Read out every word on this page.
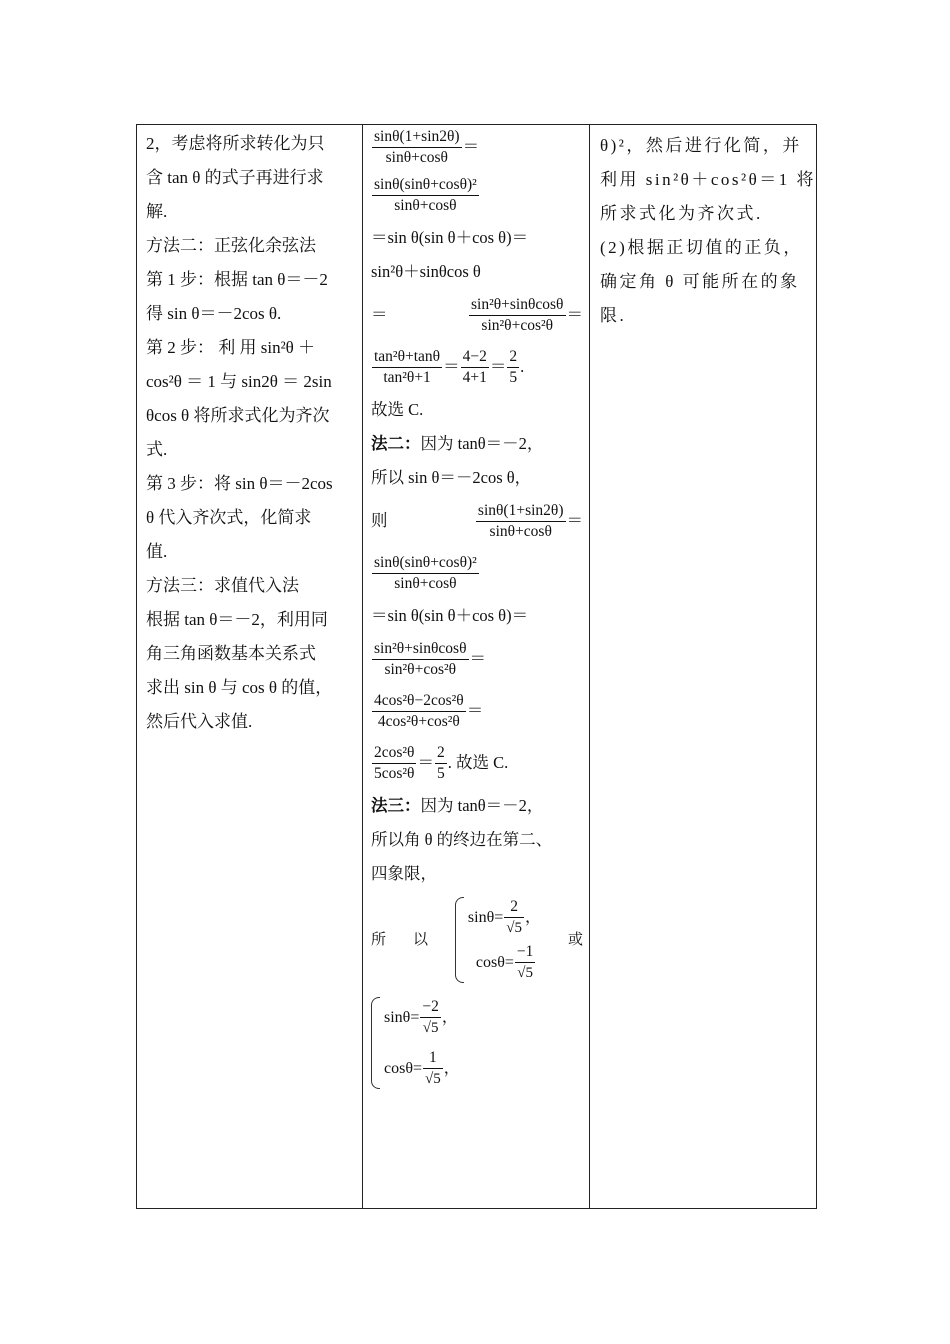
2，考虑将所求转化为只
含 tan θ 的式子再进行求
解.
方法二：正弦化余弦法
第 1 步：根据 tan θ＝－2
得 sin θ＝－2cos θ.
第 2 步： 利 用 sin²θ ＋
cos²θ ＝ 1 与 sin2θ ＝ 2sin
θcos θ 将所求式化为齐次
式.
第 3 步：将 sin θ＝－2cos
θ 代入齐次式，化简求
值.
方法三：求值代入法
根据 tan θ＝－2，利用同
角三角函数基本关系式
求出 sin θ 与 cos θ 的值，
然后代入求值.

$\frac{\sin\theta(1+\sin 2\theta)}{\sin\theta+\cos\theta}$ ＝
$\frac{\text{sinθ(sinθ+cosθ)²}}{\sin\theta+\cos\theta}$
＝sin θ(sin θ＋cos θ)＝
sin²θ＋sinθcos θ
＝	$\frac{\text{sin²θ+sinθcosθ}}{\text{sin²θ+cos²θ}}$ ＝
$\frac{\text{tan²θ+tanθ}}{\text{tan²θ+1}} = \frac{4-2}{4+1} = \frac{2}{5}$ .
故选 C.
法二：因为 tanθ＝－2，
所以 sin θ＝－2cos θ，
则	$\frac{\sin\theta(1+\sin 2\theta)}{\sin\theta+\cos\theta}$ ＝
$\frac{\text{sinθ(sinθ+cosθ)²}}{\sin\theta+\cos\theta}$
＝sin θ(sin θ＋cos θ)＝
$\frac{\text{sin²θ+sinθcosθ}}{\text{sin²θ+cos²θ}}$ ＝
$\frac{\text{4cos²θ−2cos²θ}}{\text{4cos²θ+cos²θ}}$ ＝
$\frac{\text{2cos²θ}}{\text{5cos²θ}} = \frac{2}{5}$ . 故选 C.
法三：因为 tanθ＝－2，
所以角 θ 的终边在第二、
四象限，
所 以
$\sin\theta= \frac{2}{√5}$ ，
$\cos\theta= \frac{-1}{√5}$
或
$\sin\theta= \frac{-2}{√5}$ ，
$\cos\theta= \frac{1}{√5}$ ，

θ)²，然后进行化简，并
利用 sin²θ＋cos²θ＝1 将
所求式化为齐次式.
(2)根据正切值的正负，
确定角 θ 可能所在的象
限.
